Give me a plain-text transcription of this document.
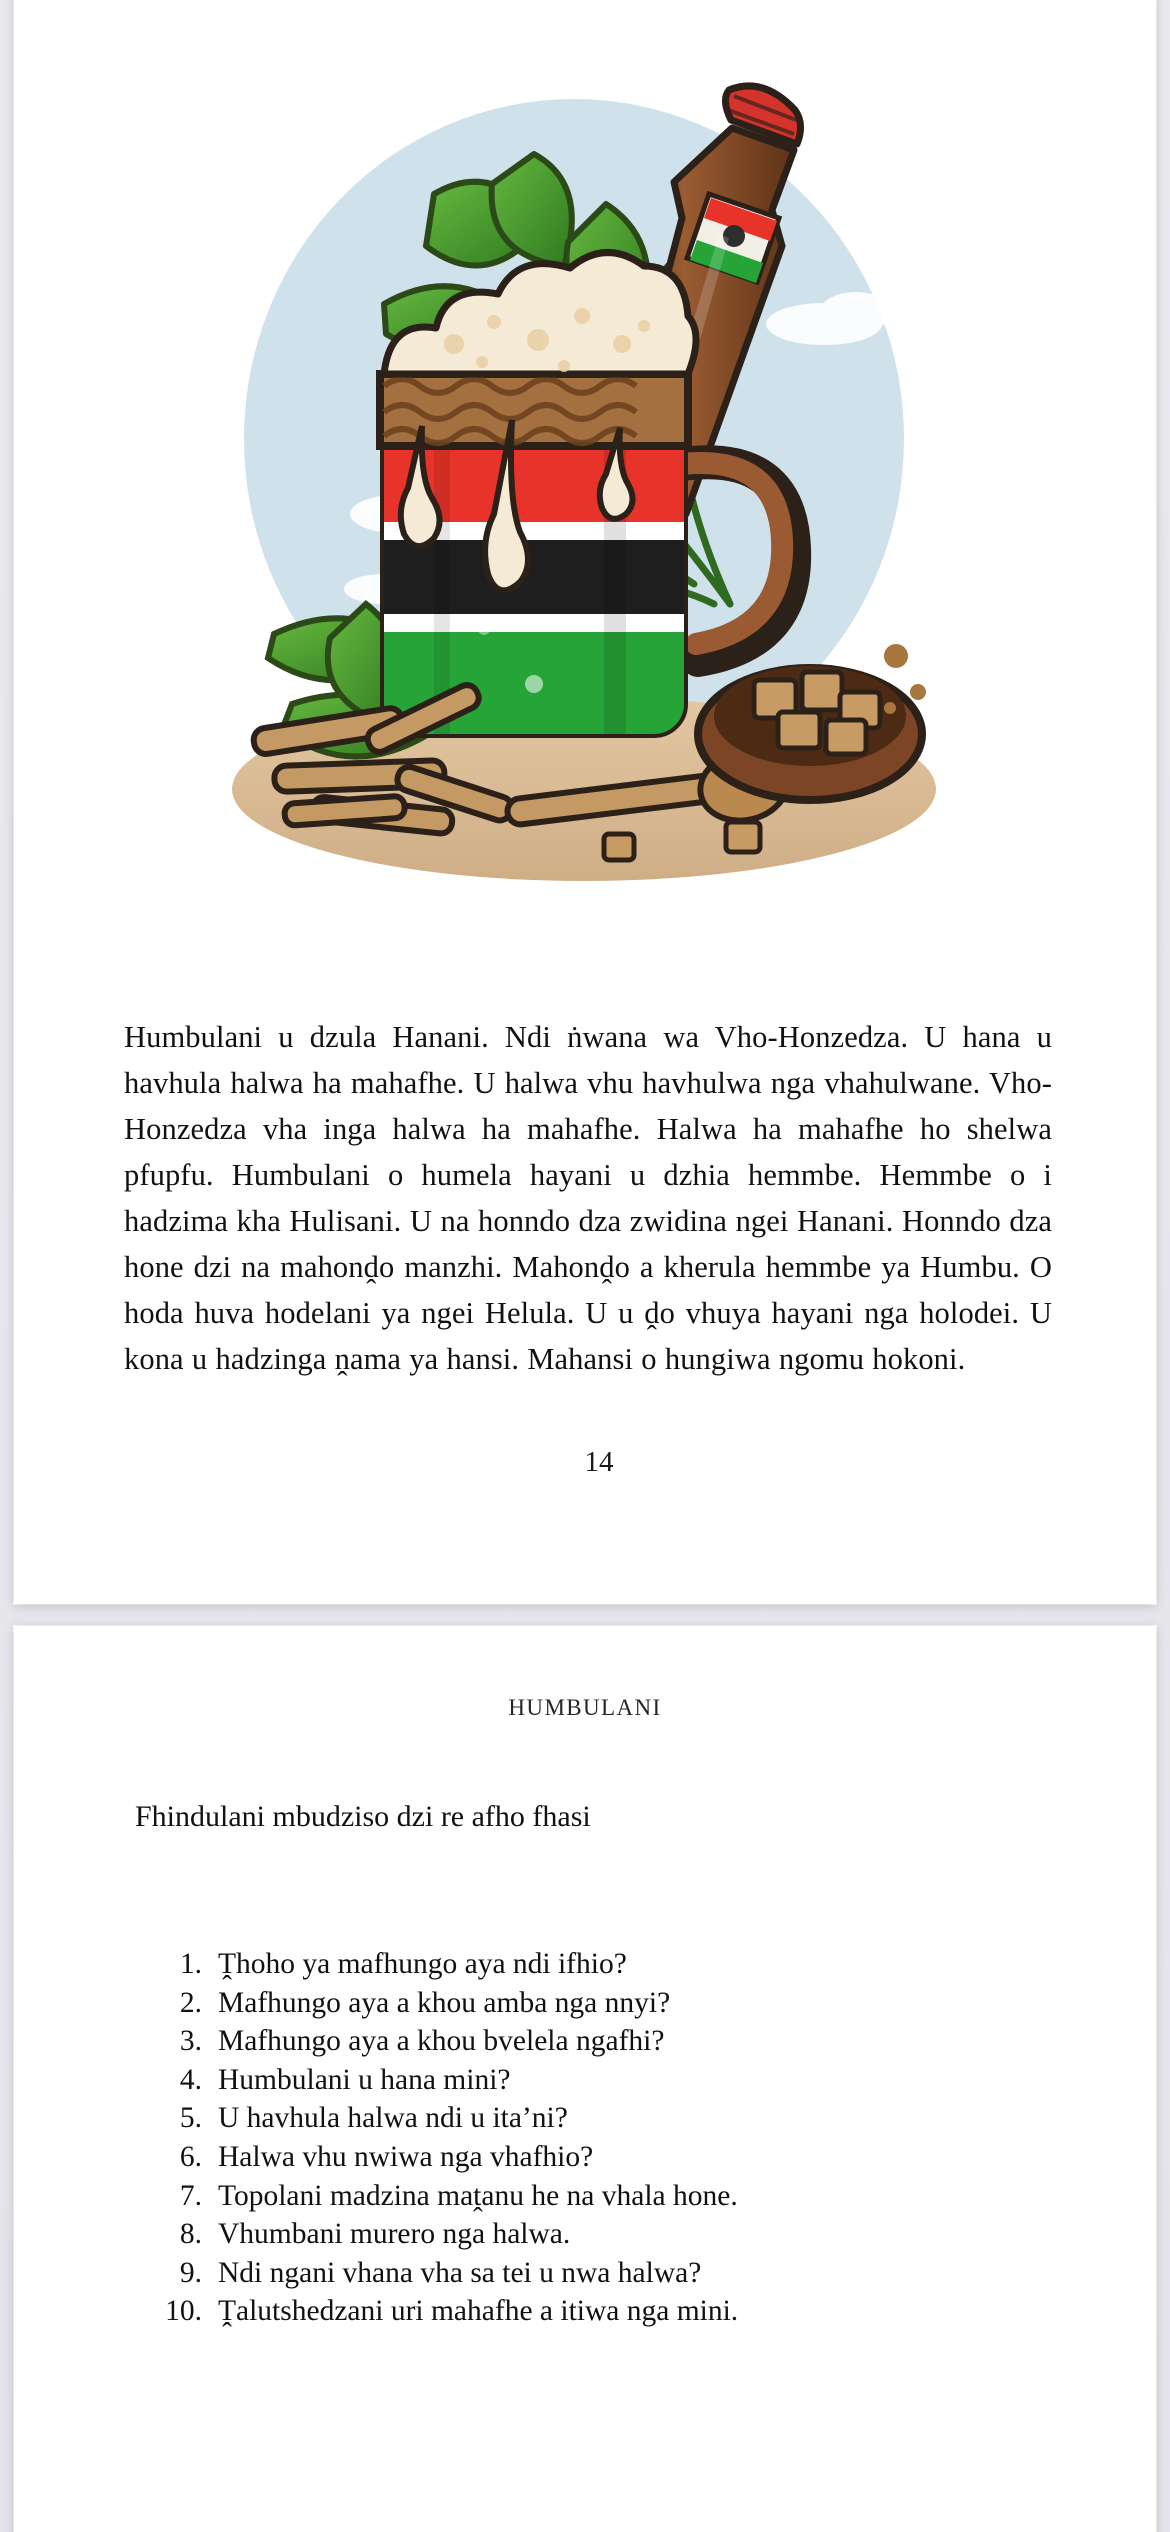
Humbulani u dzula Hanani. Ndi ṅwana wa Vho-Honzedza. U hana u havhula halwa ha mahafhe. U halwa vhu havhulwa nga vhahulwane. Vho-Honzedza vha inga halwa ha mahafhe. Halwa ha mahafhe ho shelwa pfupfu. Humbulani o humela hayani u dzhia hemmbe. Hemmbe o i hadzima kha Hulisani. U na honndo dza zwidina ngei Hanani. Honndo dza hone dzi na mahonḓo manzhi. Mahonḓo a kherula hemmbe ya Humbu. O hoda huva hodelani ya ngei Helula. U u ḓo vhuya hayani nga holodei. U kona u hadzinga ṋama ya hansi. Mahansi o hungiwa ngomu hokoni.

14
HUMBULANI
Fhindulani mbudziso dzi re afho fhasi
1. Ṱhoho ya mafhungo aya ndi ifhio?
2. Mafhungo aya a khou amba nga nnyi?
3. Mafhungo aya a khou bvelela ngafhi?
4. Humbulani u hana mini?
5. U havhula halwa ndi u ita’ni?
6. Halwa vhu nwiwa nga vhafhio?
7. Topolani madzina maṱanu he na vhala hone.
8. Vhumbani murero nga halwa.
9. Ndi ngani vhana vha sa tei u nwa halwa?
10. Ṱalutshedzani uri mahafhe a itiwa nga mini.
